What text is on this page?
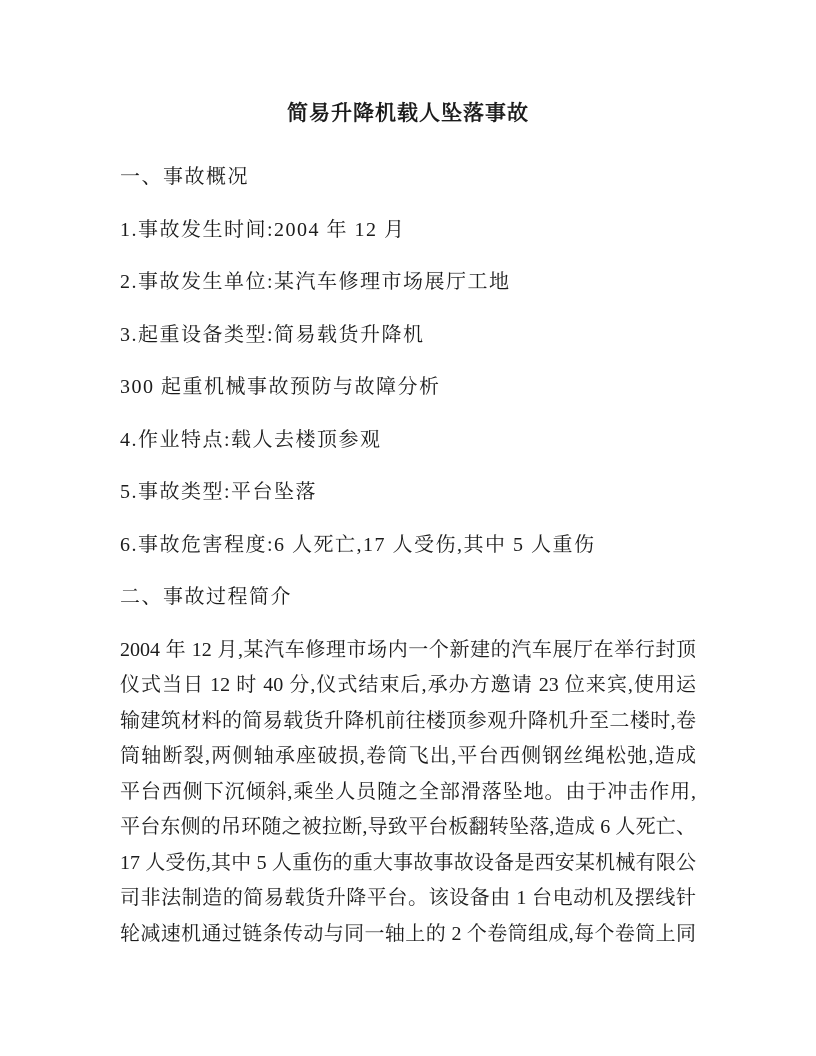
简易升降机载人坠落事故
一、事故概况
1.事故发生时间:2004 年 12 月
2.事故发生单位:某汽车修理市场展厅工地
3.起重设备类型:简易载货升降机
300 起重机械事故预防与故障分析
4.作业特点:载人去楼顶参观
5.事故类型:平台坠落
6.事故危害程度:6 人死亡,17 人受伤,其中 5 人重伤
二、事故过程简介
2004 年 12 月,某汽车修理市场内一个新建的汽车展厅在举行封顶
仪式当日 12 时 40 分,仪式结束后,承办方邀请 23 位来宾,使用运
输建筑材料的简易载货升降机前往楼顶参观升降机升至二楼时,卷
筒轴断裂,两侧轴承座破损,卷筒飞出,平台西侧钢丝绳松弛,造成
平台西侧下沉倾斜,乘坐人员随之全部滑落坠地。由于冲击作用,
平台东侧的吊环随之被拉断,导致平台板翻转坠落,造成 6 人死亡、
17 人受伤,其中 5 人重伤的重大事故事故设备是西安某机械有限公
司非法制造的简易载货升降平台。该设备由 1 台电动机及摆线针
轮减速机通过链条传动与同一轴上的 2 个卷筒组成,每个卷筒上同
